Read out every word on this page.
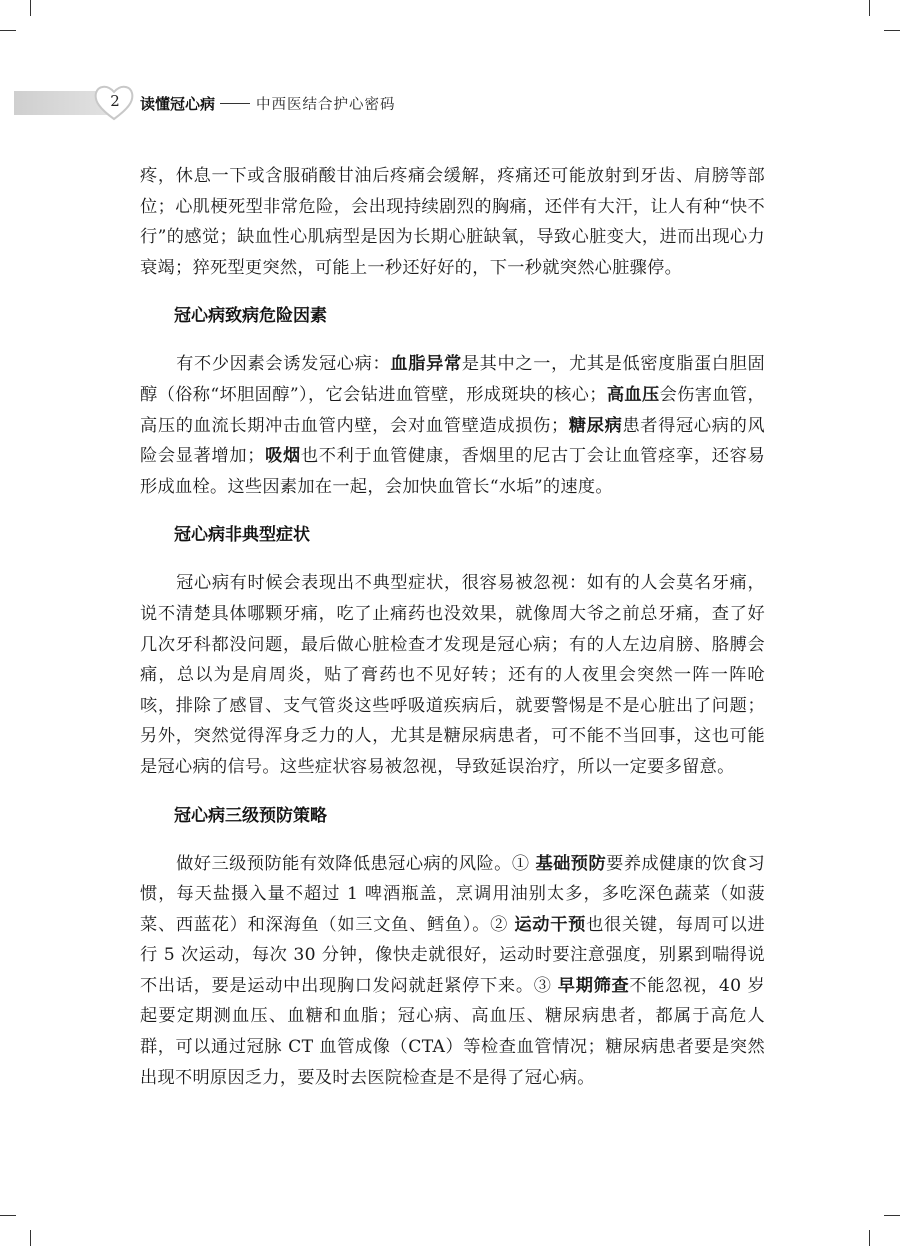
2	读懂冠心病	中西医结合护心密码

疼，休息一下或含服硝酸甘油后疼痛会缓解，疼痛还可能放射到牙齿、肩膀等部位；心肌梗死型非常危险，会出现持续剧烈的胸痛，还伴有大汗，让人有种“快不行”的感觉；缺血性心肌病型是因为长期心脏缺氧，导致心脏变大，进而出现心力衰竭；猝死型更突然，可能上一秒还好好的，下一秒就突然心脏骤停。

冠心病致病危险因素

有不少因素会诱发冠心病：血脂异常是其中之一，尤其是低密度脂蛋白胆固醇（俗称“坏胆固醇”），它会钻进血管壁，形成斑块的核心；高血压会伤害血管，高压的血流长期冲击血管内壁，会对血管壁造成损伤；糖尿病患者得冠心病的风险会显著增加；吸烟也不利于血管健康，香烟里的尼古丁会让血管痉挛，还容易形成血栓。这些因素加在一起，会加快血管长“水垢”的速度。

冠心病非典型症状

冠心病有时候会表现出不典型症状，很容易被忽视：如有的人会莫名牙痛，说不清楚具体哪颗牙痛，吃了止痛药也没效果，就像周大爷之前总牙痛，查了好几次牙科都没问题，最后做心脏检查才发现是冠心病；有的人左边肩膀、胳膊会痛，总以为是肩周炎，贴了膏药也不见好转；还有的人夜里会突然一阵一阵呛咳，排除了感冒、支气管炎这些呼吸道疾病后，就要警惕是不是心脏出了问题；另外，突然觉得浑身乏力的人，尤其是糖尿病患者，可不能不当回事，这也可能是冠心病的信号。这些症状容易被忽视，导致延误治疗，所以一定要多留意。

冠心病三级预防策略

做好三级预防能有效降低患冠心病的风险。① 基础预防要养成健康的饮食习惯，每天盐摄入量不超过 1 啤酒瓶盖，烹调用油别太多，多吃深色蔬菜（如菠菜、西蓝花）和深海鱼（如三文鱼、鳕鱼）。② 运动干预也很关键，每周可以进行 5 次运动，每次 30 分钟，像快走就很好，运动时要注意强度，别累到喘得说不出话，要是运动中出现胸口发闷就赶紧停下来。③ 早期筛查不能忽视，40 岁起要定期测血压、血糖和血脂；冠心病、高血压、糖尿病患者，都属于高危人群，可以通过冠脉 CT 血管成像（CTA）等检查血管情况；糖尿病患者要是突然出现不明原因乏力，要及时去医院检查是不是得了冠心病。
